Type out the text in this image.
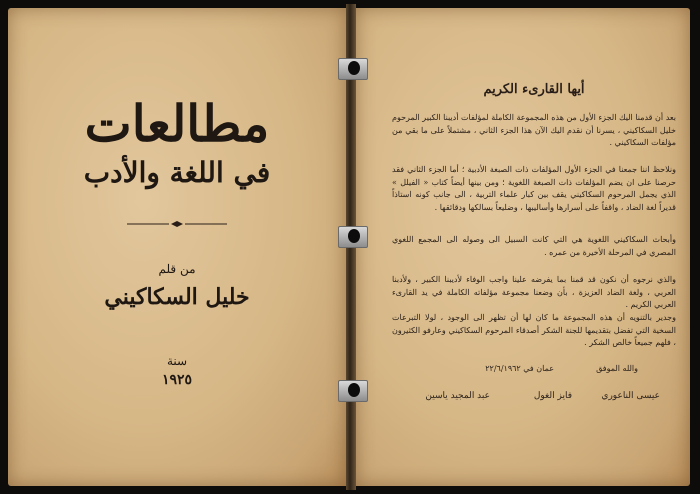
مطالعات
في اللغة والأدب
من قلم
خليل السكاكيني
سنة
١٩٢٥
أيها القارىء الكريم
بعد أن قدمنا اليك الجزء الأول من هذه المجموعة الكاملة لمؤلفات أديبنا الكبير المرحوم خليل السكاكيني ، يسرنا أن نقدم اليك الآن هذا الجزء الثاني ، مشتملاً على ما بقي من مؤلفات السكاكيني .
ونلاحظ اننا جمعنا في الجزء الأول المؤلفات ذات الصبغة الأدبية ؛ أما الجزء الثاني فقد حرصنا على ان يضم المؤلفات ذات الصبغة اللغوية ؛ ومن بينها أيضاً كتاب « الفيلل » الذي يجمل المرحوم السكاكيني يقف بين كبار علماء التربية ، الى جانب كونه استاذاً قديراً لغة الضاد ، واقفاً على أسرارها وأساليبها ، وضليعاً بسالكها ودقائقها .
وأبحاث السكاكيني اللغوية هي التي كانت السبيل الى وصوله الى المجمع اللغوي المصري في المرحلة الأخيرة من عمره .
والذي نرجوه أن نكون قد قمنا بما يفرضه علينا واجب الوفاء لأديبنا الكبير ، ولأدبنا العربي ، ولغة الضاد العزيزة ، بأن وضعنا مجموعة مؤلفاته الكاملة في يد القارىء العربي الكريم .
وجدير بالتنويه أن هذه المجموعة ما كان لها أن تظهر الى الوجود ، لولا التبرعات السخية التي تفضل بتقديمها للجنة الشكر أصدقاء المرحوم السكاكيني وعارفو الكثيرون ، فلهم جميعاً خالص الشكر .
والله الموفق
عمان في ٢٢/٦/١٩٦٢
عيسى الناعوري
فايز الغول
عبد المجيد ياسين
